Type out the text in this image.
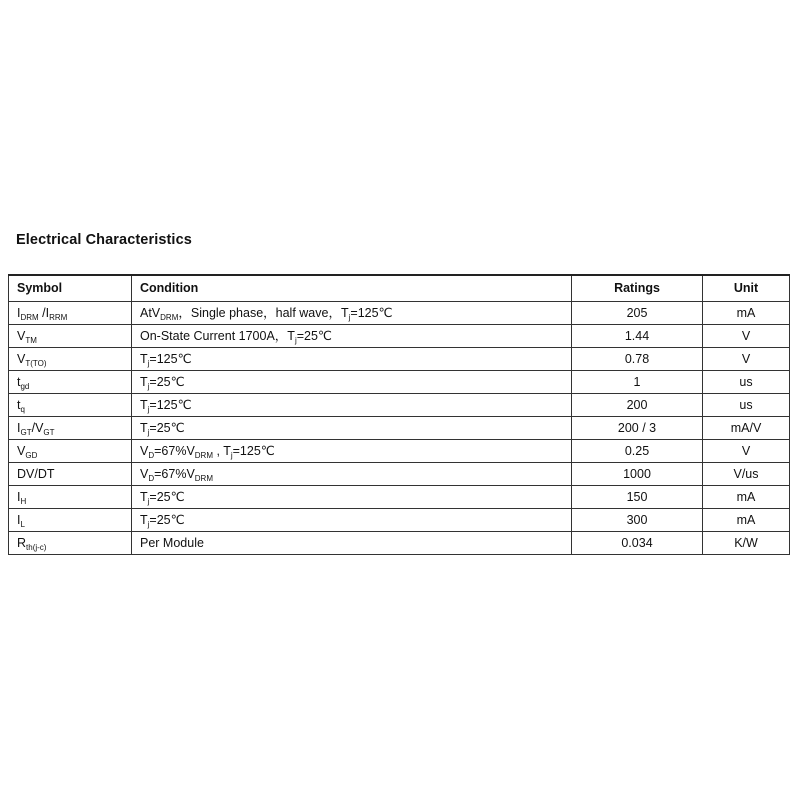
Electrical Characteristics
Symbol	Condition	Ratings	Unit
$I_{DRM}$ $/I_{RRM}$	AtV$_{DRM}$，Single phase，half wave，$T_j=125℃$	205	mA
$V_{TM}$	On-State Current 1700A，$T_j=25℃$	1.44	V
$V_{T(TO)}$	$T_j=125℃$	0.78	V
$t_{gd}$	$T_j=25℃$	1	us
$t_q$	$T_j=125℃$	200	us
$I_{GT}/V_{GT}$	$T_j=25℃$	200 / 3	mA/V
$V_{GD}$	$V_D=67\%V_{DRM}$ , $T_j=125℃$	0.25	V
DV/DT	$V_D=67\%V_{DRM}$	1000	V/us
$I_H$	$T_j=25℃$	150	mA
$I_L$	$T_j=25℃$	300	mA
$R_{th(j-c)}$	Per Module	0.034	K/W
